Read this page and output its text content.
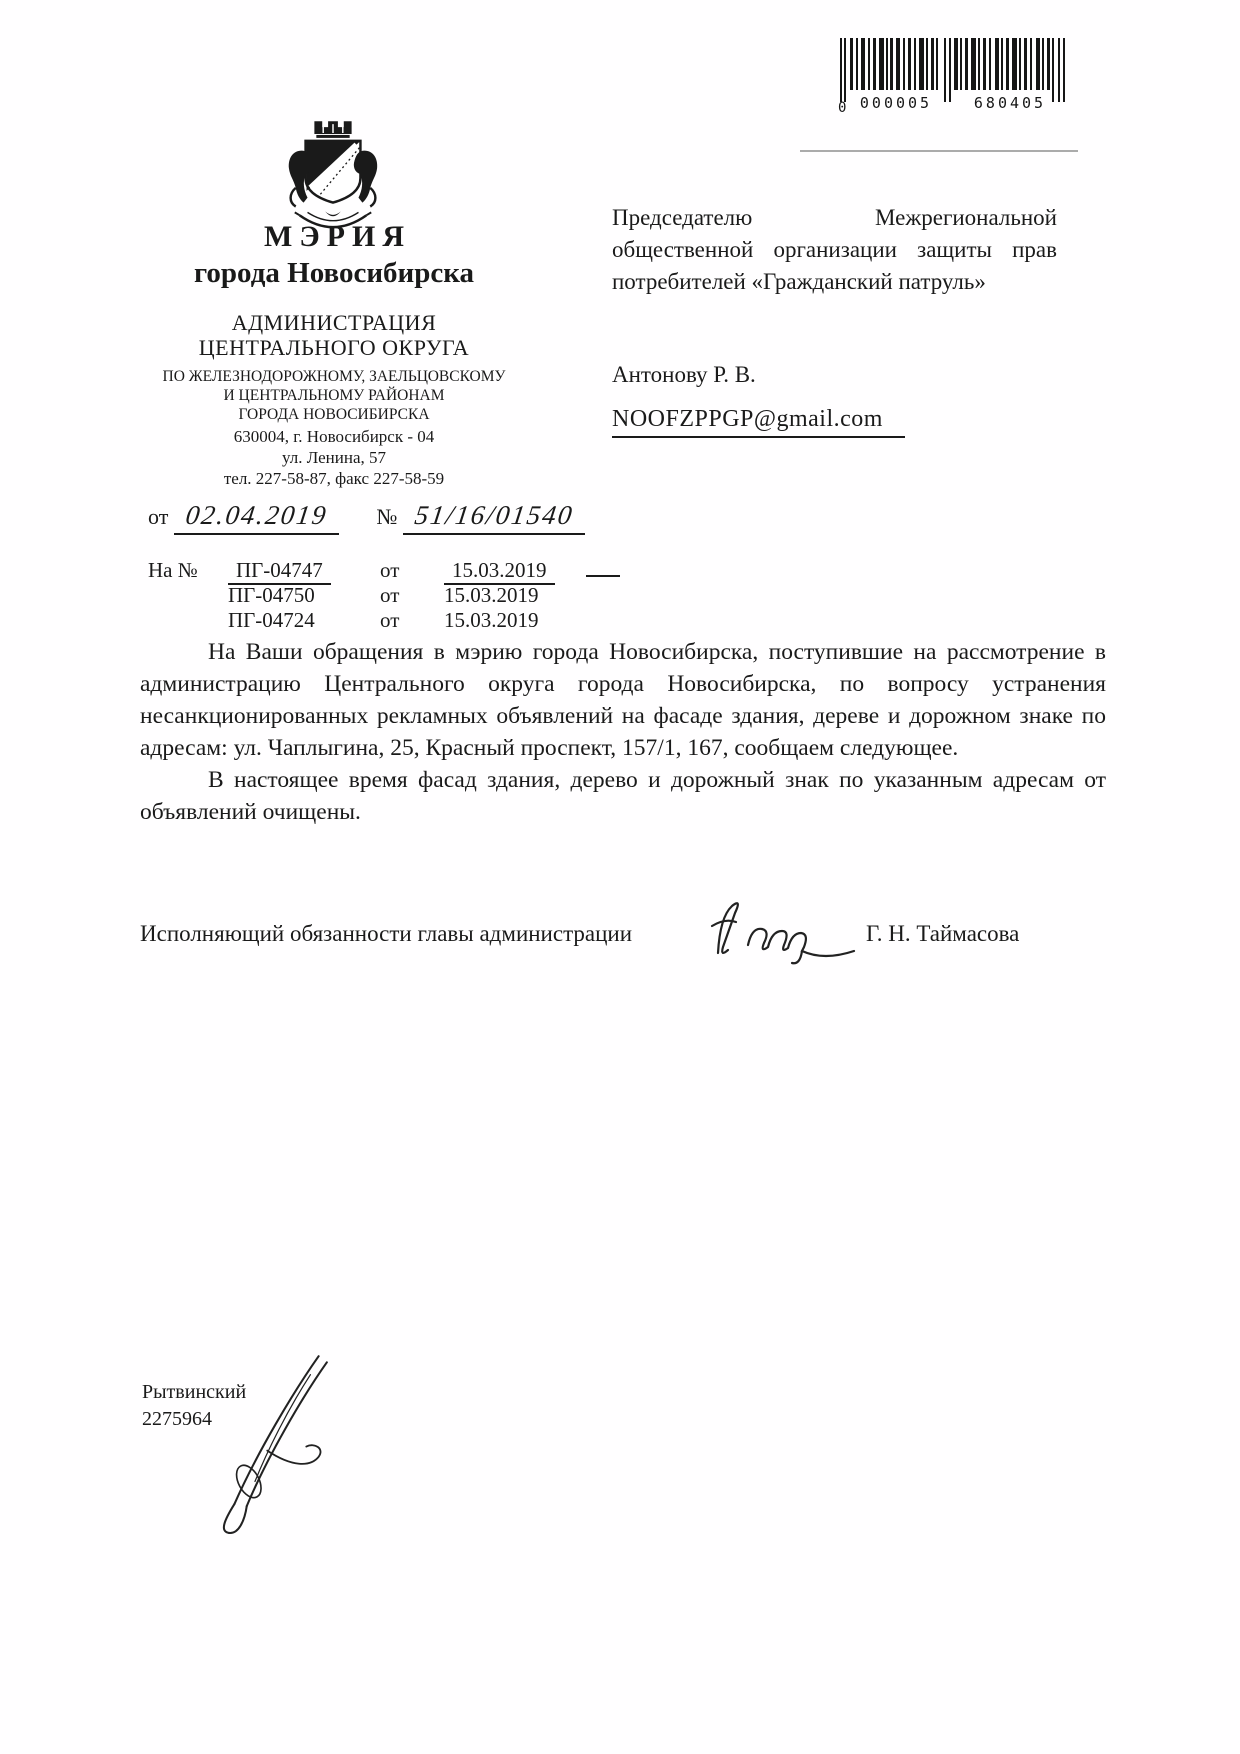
0 000005	680405
МЭРИЯ
города Новосибирска
АДМИНИСТРАЦИЯ
ЦЕНТРАЛЬНОГО ОКРУГА
ПО ЖЕЛЕЗНОДОРОЖНОМУ, ЗАЕЛЬЦОВСКОМУ
И ЦЕНТРАЛЬНОМУ РАЙОНАМ
ГОРОДА НОВОСИБИРСКА
630004, г. Новосибирск - 04
ул. Ленина, 57
тел. 227-58-87, факс 227-58-59

Председателю Межрегиональной общественной организации защиты прав потребителей «Гражданский патруль»

Антонову Р. В.
NOOFZPPGP@gmail.com
от 02.04.2019 № 51/16/01540
На №	ПГ-04747	от	15.03.2019
ПГ-04750	от	15.03.2019
ПГ-04724	от	15.03.2019

На Ваши обращения в мэрию города Новосибирска, поступившие на рассмотрение в администрацию Центрального округа города Новосибирска, по вопросу устранения несанкционированных рекламных объявлений на фасаде здания, дереве и дорожном знаке по адресам: ул. Чаплыгина, 25, Красный проспект, 157/1, 167, сообщаем следующее.

В настоящее время фасад здания, дерево и дорожный знак по указанным адресам от объявлений очищены.

Исполняющий обязанности главы администрации	Г. Н. Таймасова
Рытвинский
2275964
